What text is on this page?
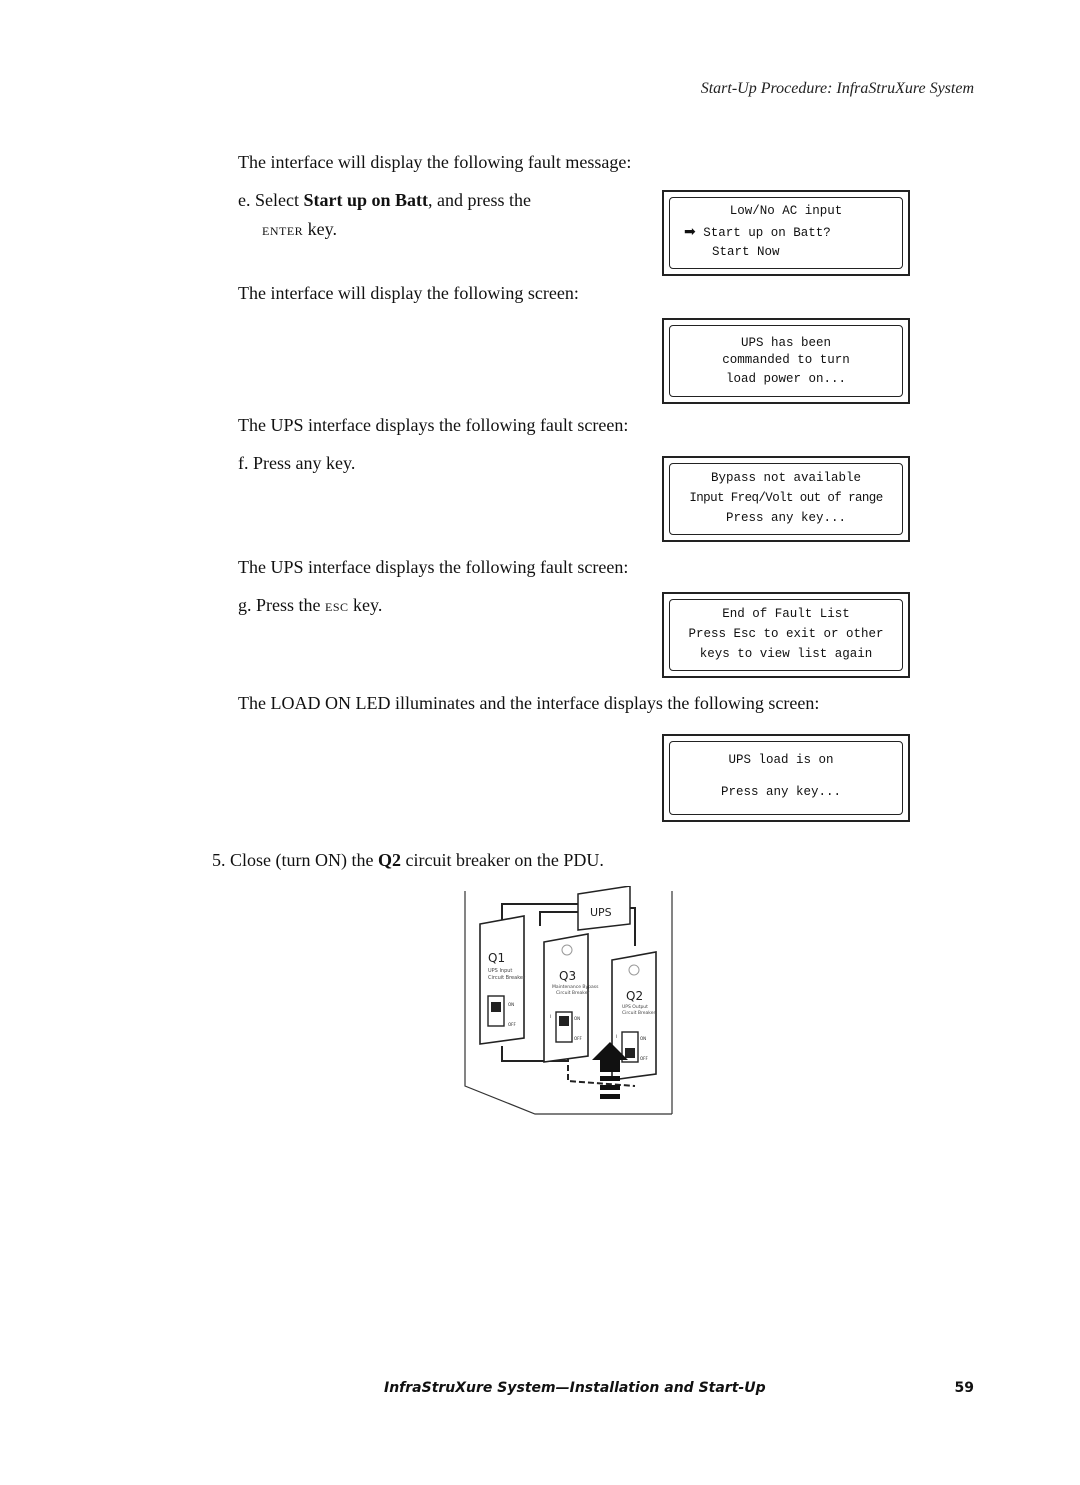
Start-Up Procedure: InfraStruXure System
The interface will display the following fault message:
e. Select Start up on Batt, and press the
ENTER key.
Low/No AC input
➡ Start up on Batt?
Start Now
The interface will display the following screen:
UPS has been
commanded to turn
load power on...
The UPS interface displays the following fault screen:
f. Press any key.
Bypass not available
Input Freq/Volt out of range
Press any key...
The UPS interface displays the following fault screen:
g. Press the ESC key.	End of Fault List
Press Esc to exit or other
keys to view list again
The LOAD ON LED illuminates and the interface displays the following screen:
UPS load is on
Press any key...
5. Close (turn ON) the Q2 circuit breaker on the PDU.
UPS
Q1
UPS Input
Circuit Breaker
ON
OFF
Q3
Maintenance Bypass
Circuit Breaker
I	ON
OFF
Q2
UPS Output
Circuit Breaker
I	ON
OFF
InfraStruXure System—Installation and Start-Up	59
